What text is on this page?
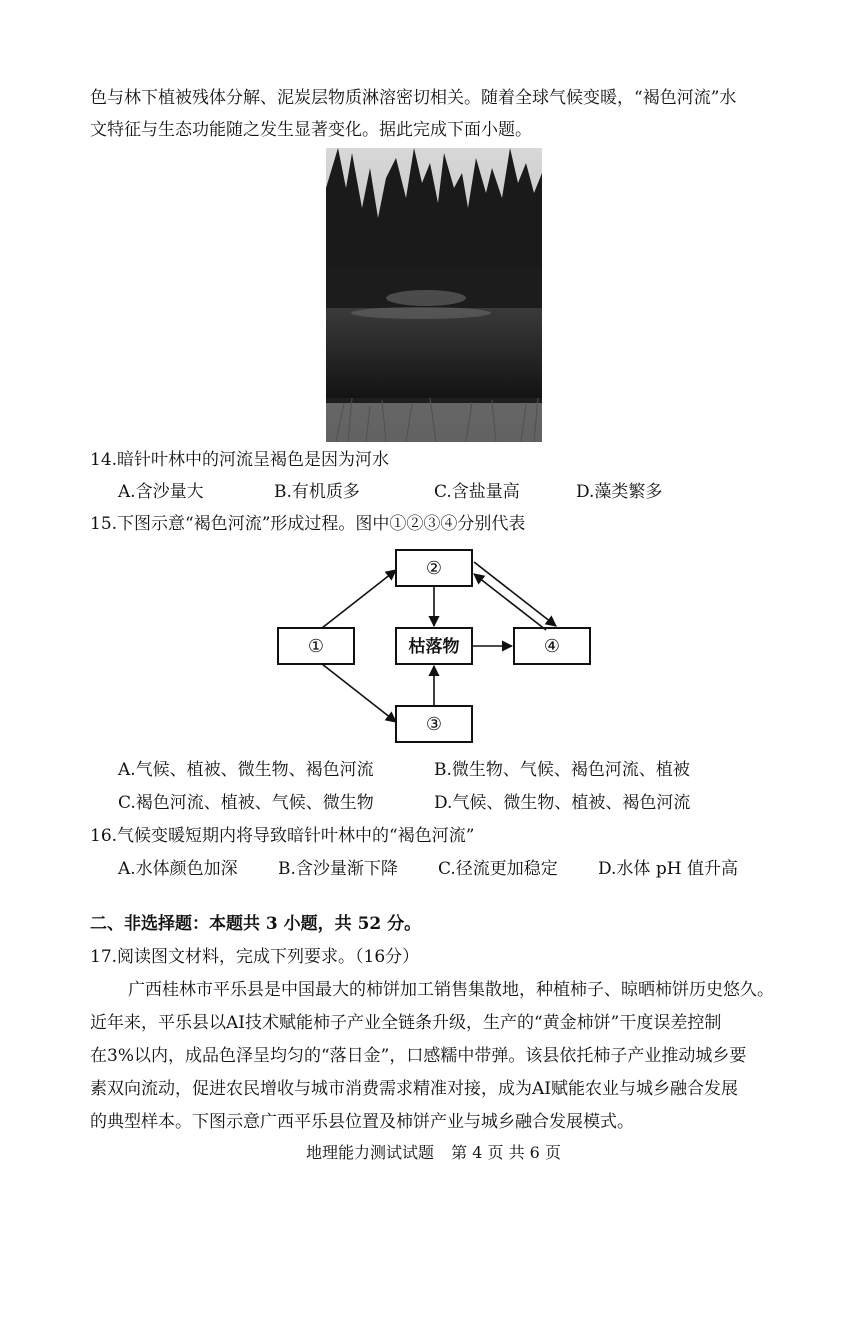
色与林下植被残体分解、泥炭层物质淋溶密切相关。随着全球气候变暖，“褐色河流”水
文特征与生态功能随之发生显著变化。据此完成下面小题。
14.暗针叶林中的河流呈褐色是因为河水
A.含沙量大	B.有机质多	C.含盐量高	D.藻类繁多
15.下图示意“褐色河流”形成过程。图中①②③④分别代表
①
②
③
④
枯落物
A.气候、植被、微生物、褐色河流	B.微生物、气候、褐色河流、植被
C.褐色河流、植被、气候、微生物	D.气候、微生物、植被、褐色河流
16.气候变暖短期内将导致暗针叶林中的“褐色河流”
A.水体颜色加深 B.含沙量渐下降 C.径流更加稳定 D.水体 pH 值升高
二、非选择题：本题共 3 小题，共 52 分。
17.阅读图文材料，完成下列要求。（16分）
广西桂林市平乐县是中国最大的柿饼加工销售集散地，种植柿子、晾晒柿饼历史悠久。
近年来，平乐县以AI技术赋能柿子产业全链条升级，生产的“黄金柿饼”干度误差控制
在3%以内，成品色泽呈均匀的“落日金”，口感糯中带弹。该县依托柿子产业推动城乡要
素双向流动，促进农民增收与城市消费需求精准对接，成为AI赋能农业与城乡融合发展
的典型样本。下图示意广西平乐县位置及柿饼产业与城乡融合发展模式。
地理能力测试试题 第 4 页 共 6 页
